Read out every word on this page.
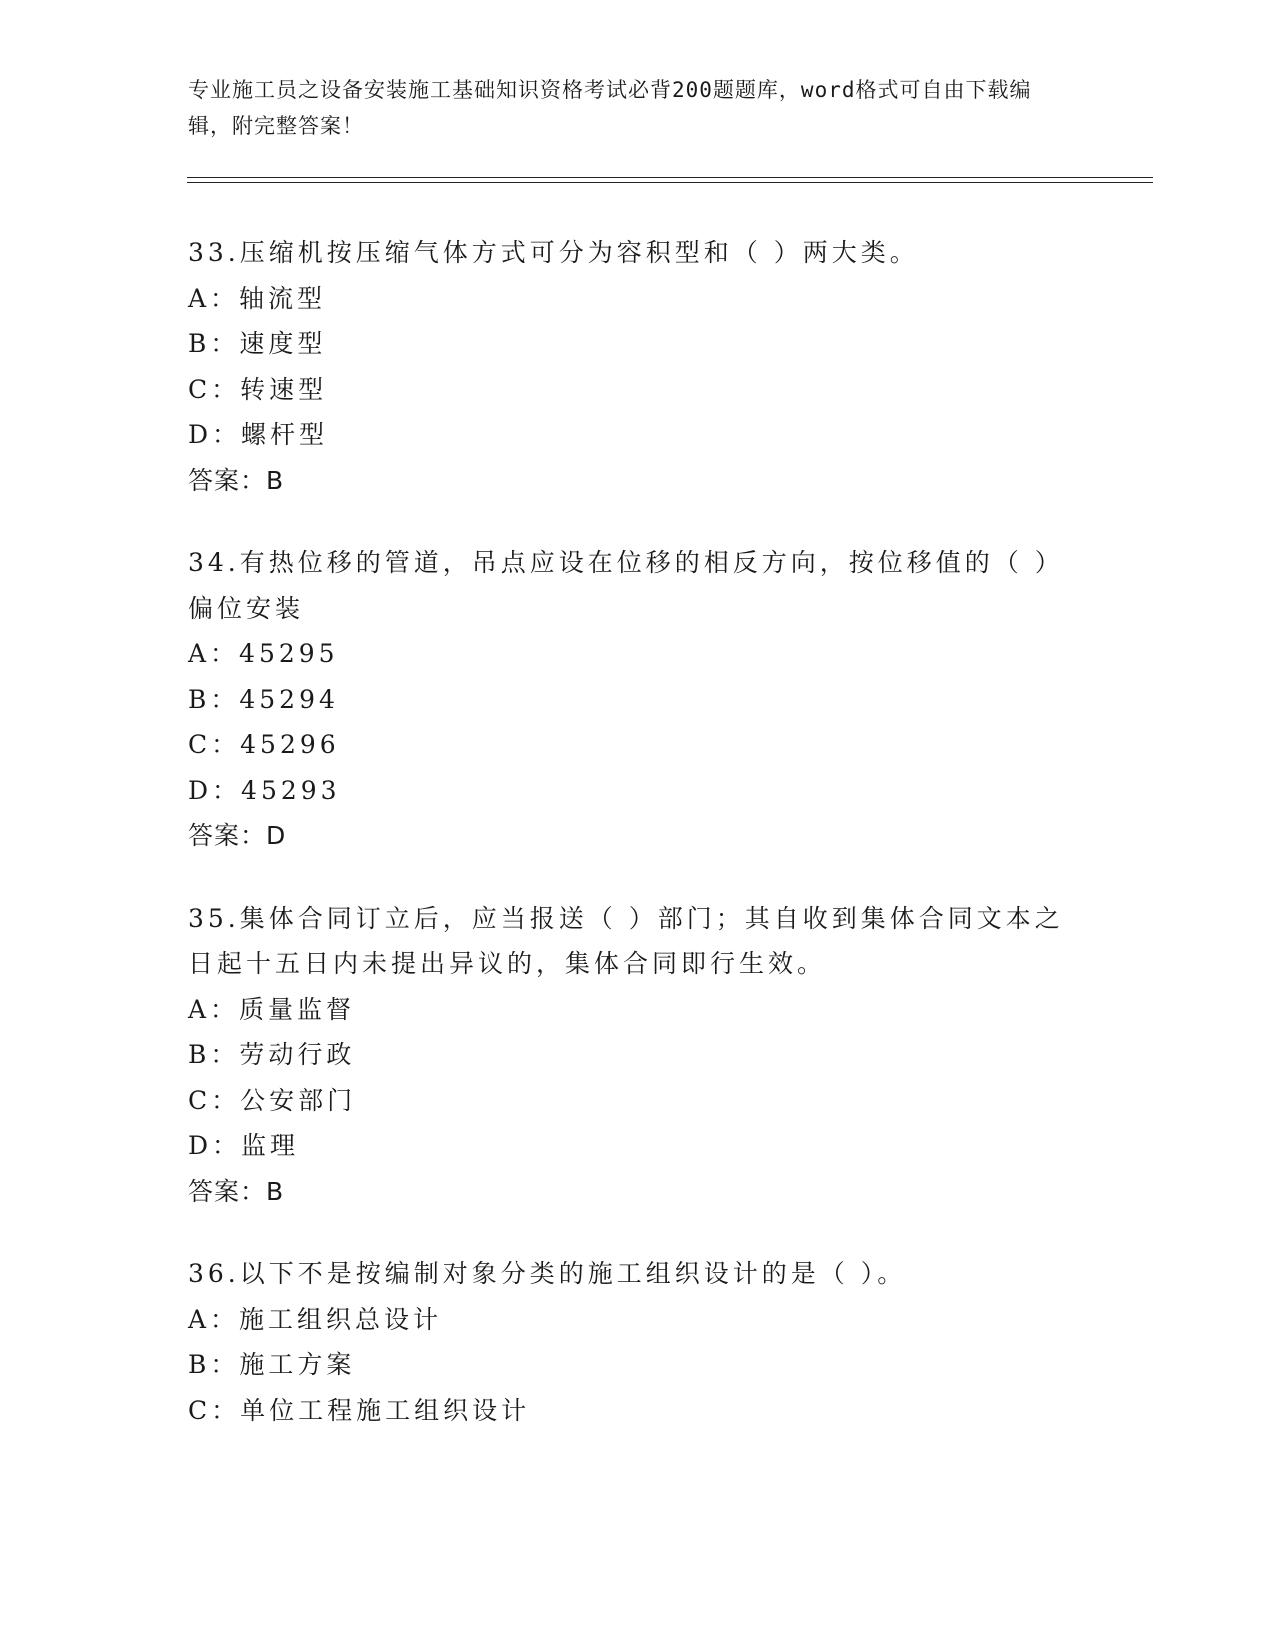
专业施工员之设备安装施工基础知识资格考试必背200题题库，word格式可自由下载编辑，附完整答案！
33.压缩机按压缩气体方式可分为容积型和（ ）两大类。
A：轴流型
B：速度型
C：转速型
D：螺杆型
答案：B
34.有热位移的管道，吊点应设在位移的相反方向，按位移值的（ ）偏位安装
A：45295
B：45294
C：45296
D：45293
答案：D
35.集体合同订立后，应当报送（ ）部门；其自收到集体合同文本之日起十五日内未提出异议的，集体合同即行生效。
A：质量监督
B：劳动行政
C：公安部门
D：监理
答案：B
36.以下不是按编制对象分类的施工组织设计的是（ ）。
A：施工组织总设计
B：施工方案
C：单位工程施工组织设计
